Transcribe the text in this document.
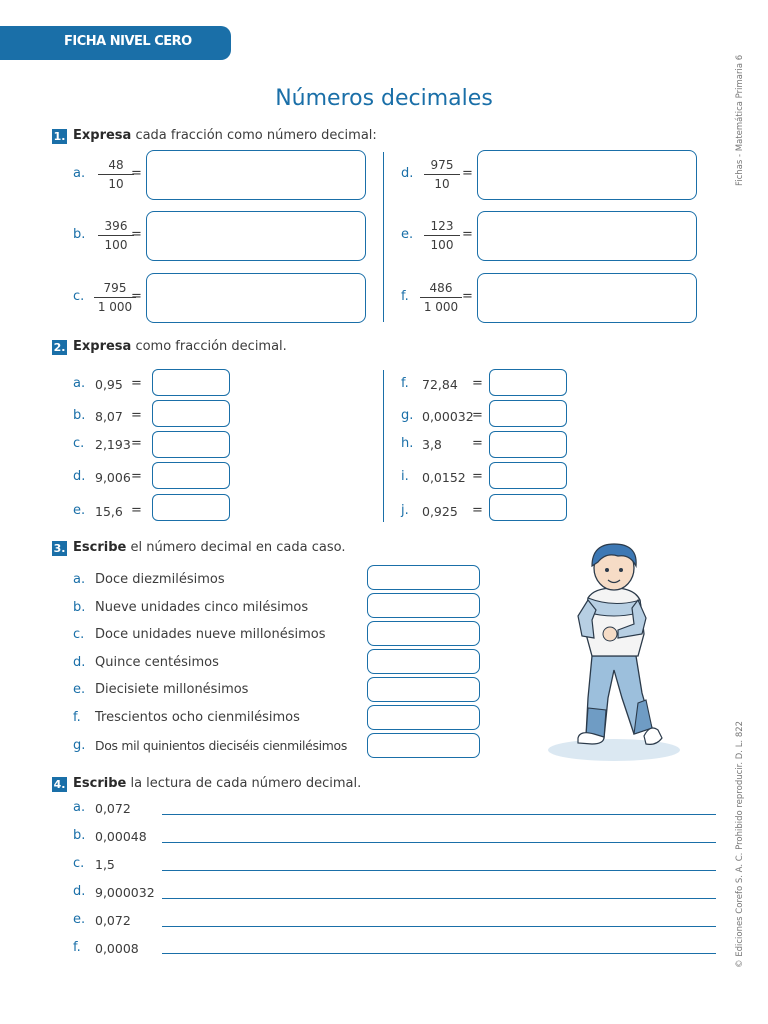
FICHA NIVEL CERO
Números decimales	Fichas - Matemática Primaria 6
© Ediciones Corefo S. A. C. Prohibido reproducir. D. L. 822
1. Expresa cada fracción como número decimal:
a. $\frac{48}{10}$
=
b. $\frac{396}{100}$
=
c. $\frac{795}{1 000}$
=
d. $\frac{975}{10}$ =
e. $\frac{123}{100}$ =
f. $\frac{486}{1 000}$ =
2. Expresa como fracción decimal.
a. 0,95 =
b. 8,07 =
c. 2,193 =
d. 9,006 =
e. 15,6 =
f. 72,84 =
g. 0,00032
=
h. 3,8 =
i. 0,0152 =
j. 0,925 =
3. Escribe el número decimal en cada caso.
a. Doce diezmilésimos
b. Nueve unidades cinco milésimos
c. Doce unidades nueve millonésimos
d. Quince centésimos
e. Diecisiete millonésimos
f. Trescientos ocho cienmilésimos
g. Dos mil quinientos dieciséis cienmilésimos
4. Escribe la lectura de cada número decimal.
a. 0,072
b. 0,00048
c. 1,5
d. 9,000032
e. 0,072
f. 0,0008
